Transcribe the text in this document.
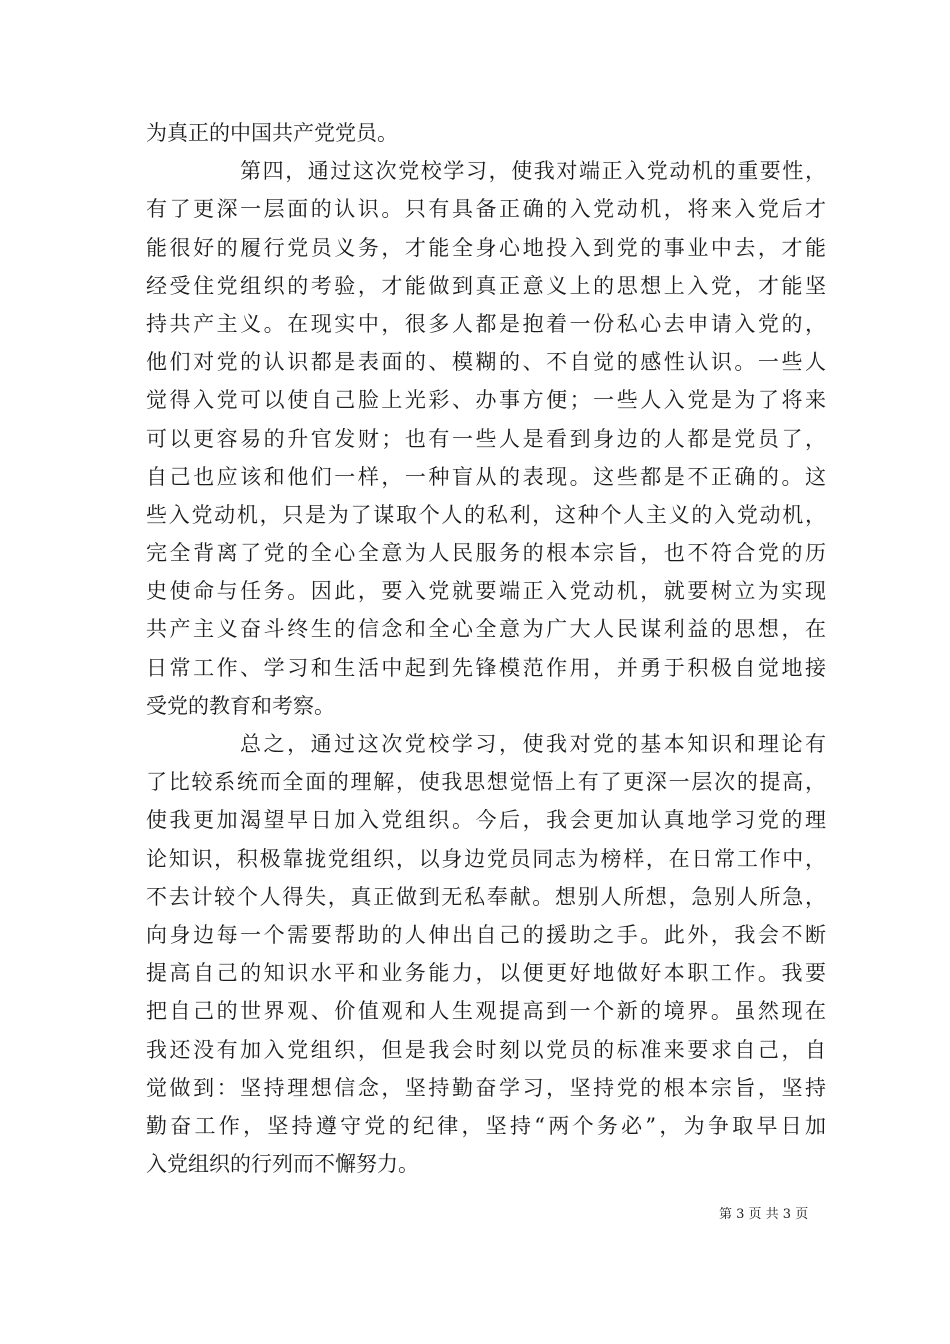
为真正的中国共产党党员。
第四，通过这次党校学习，使我对端正入党动机的重要性，
有了更深一层面的认识。只有具备正确的入党动机，将来入党后才
能很好的履行党员义务，才能全身心地投入到党的事业中去，才能
经受住党组织的考验，才能做到真正意义上的思想上入党，才能坚
持共产主义。在现实中，很多人都是抱着一份私心去申请入党的，
他们对党的认识都是表面的、模糊的、不自觉的感性认识。一些人
觉得入党可以使自己脸上光彩、办事方便；一些人入党是为了将来
可以更容易的升官发财；也有一些人是看到身边的人都是党员了，
自己也应该和他们一样，一种盲从的表现。这些都是不正确的。这
些入党动机，只是为了谋取个人的私利，这种个人主义的入党动机，
完全背离了党的全心全意为人民服务的根本宗旨，也不符合党的历
史使命与任务。因此，要入党就要端正入党动机，就要树立为实现
共产主义奋斗终生的信念和全心全意为广大人民谋利益的思想，在
日常工作、学习和生活中起到先锋模范作用，并勇于积极自觉地接
受党的教育和考察。
总之，通过这次党校学习，使我对党的基本知识和理论有
了比较系统而全面的理解，使我思想觉悟上有了更深一层次的提高，
使我更加渴望早日加入党组织。今后，我会更加认真地学习党的理
论知识，积极靠拢党组织，以身边党员同志为榜样，在日常工作中，
不去计较个人得失，真正做到无私奉献。想别人所想，急别人所急，
向身边每一个需要帮助的人伸出自己的援助之手。此外，我会不断
提高自己的知识水平和业务能力，以便更好地做好本职工作。我要
把自己的世界观、价值观和人生观提高到一个新的境界。虽然现在
我还没有加入党组织，但是我会时刻以党员的标准来要求自己，自
觉做到：坚持理想信念，坚持勤奋学习，坚持党的根本宗旨，坚持
勤奋工作，坚持遵守党的纪律，坚持“两个务必”，为争取早日加
入党组织的行列而不懈努力。
第 3 页 共 3 页
